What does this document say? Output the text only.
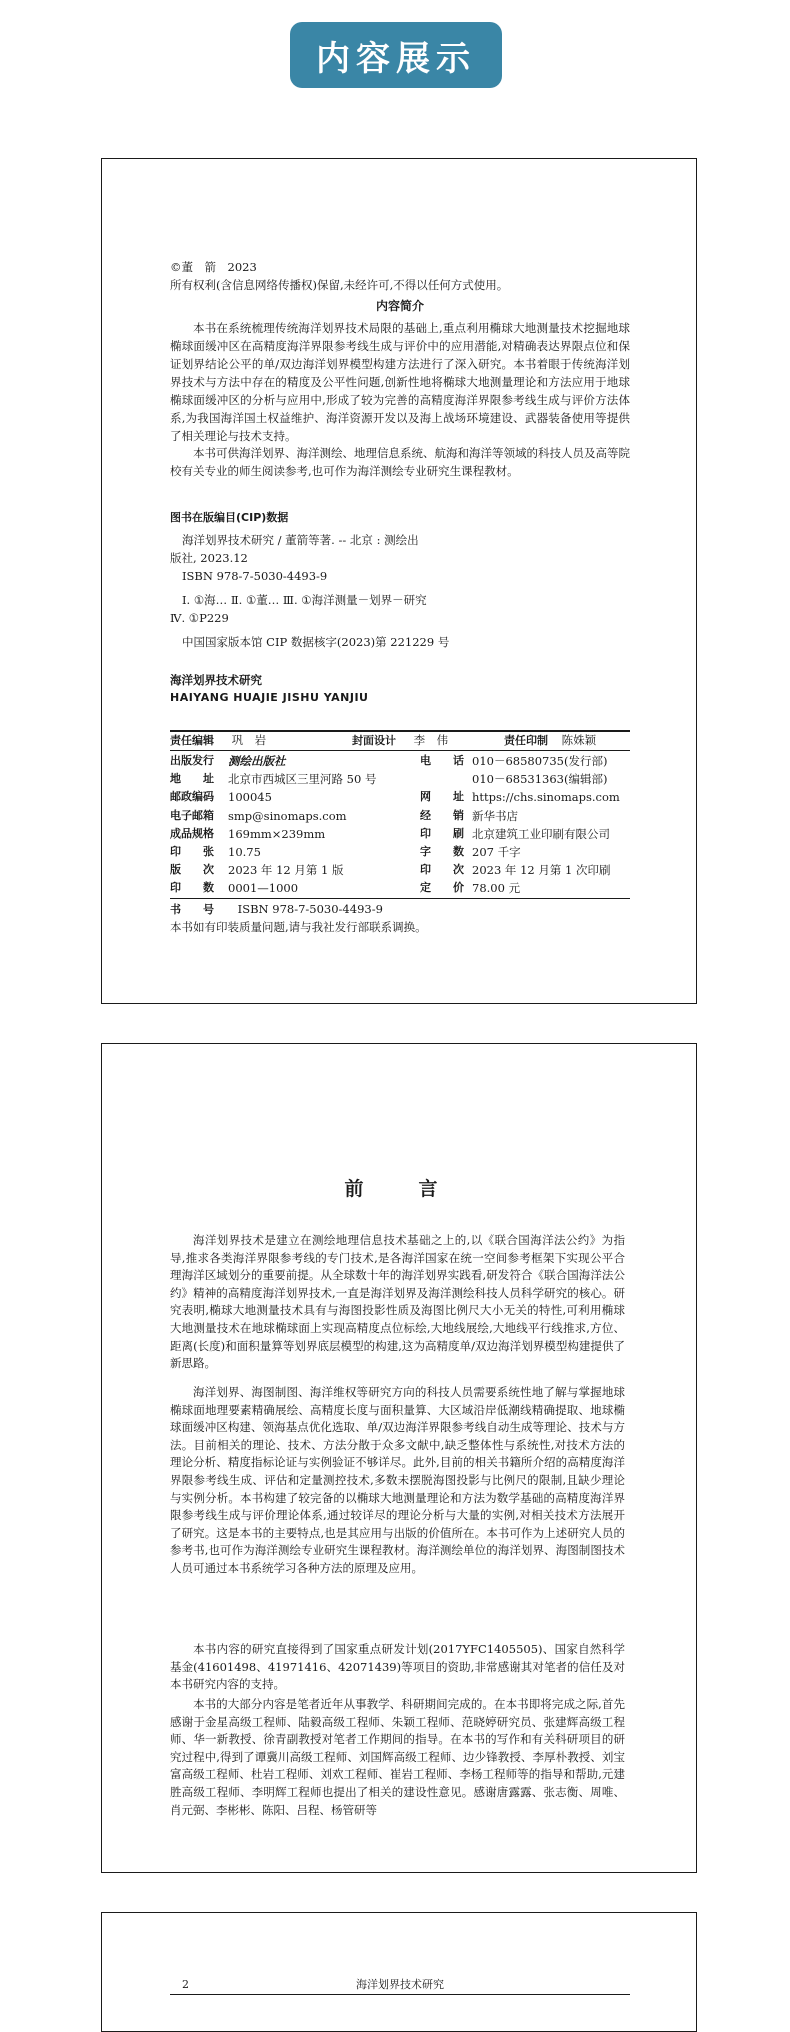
内容展示
©董　箭　2023
所有权利(含信息网络传播权)保留,未经许可,不得以任何方式使用。
内容简介
本书在系统梳理传统海洋划界技术局限的基础上,重点利用椭球大地测量技术挖掘地球椭球面缓冲区在高精度海洋界限参考线生成与评价中的应用潜能,对精确表达界限点位和保证划界结论公平的单/双边海洋划界模型构建方法进行了深入研究。本书着眼于传统海洋划界技术与方法中存在的精度及公平性问题,创新性地将椭球大地测量理论和方法应用于地球椭球面缓冲区的分析与应用中,形成了较为完善的高精度海洋界限参考线生成与评价方法体系,为我国海洋国土权益维护、海洋资源开发以及海上战场环境建设、武器装备使用等提供了相关理论与技术支持。
本书可供海洋划界、海洋测绘、地理信息系统、航海和海洋等领域的科技人员及高等院校有关专业的师生阅读参考,也可作为海洋测绘专业研究生课程教材。
图书在版编目(CIP)数据
海洋划界技术研究 / 董箭等著. -- 北京 : 测绘出
版社, 2023.12
ISBN 978-7-5030-4493-9
Ⅰ. ①海… Ⅱ. ①董… Ⅲ. ①海洋测量－划界－研究
Ⅳ. ①P229
中国国家版本馆 CIP 数据核字(2023)第 221229 号
海洋划界技术研究
HAIYANG HUAJIE JISHU YANJIU
责任编辑 巩　岩	封面设计 李　伟	责任印制 陈姝颖
出版发行 测绘出版社	电　　话 010－68580735(发行部)
地　　址 北京市西城区三里河路 50 号	010－68531363(编辑部)
邮政编码 100045	网　　址 https://chs.sinomaps.com
电子邮箱 smp@sinomaps.com	经　　销 新华书店
成品规格 169mm×239mm	印　　刷 北京建筑工业印刷有限公司
印　　张 10.75	字　　数 207 千字
版　　次 2023 年 12 月第 1 版	印　　次 2023 年 12 月第 1 次印刷
印　　数 0001—1000	定　　价 78.00 元
书　　号 ISBN 978-7-5030-4493-9
本书如有印装质量问题,请与我社发行部联系调换。
前　言
海洋划界技术是建立在测绘地理信息技术基础之上的,以《联合国海洋法公约》为指导,推求各类海洋界限参考线的专门技术,是各海洋国家在统一空间参考框架下实现公平合理海洋区域划分的重要前提。从全球数十年的海洋划界实践看,研发符合《联合国海洋法公约》精神的高精度海洋划界技术,一直是海洋划界及海洋测绘科技人员科学研究的核心。研究表明,椭球大地测量技术具有与海图投影性质及海图比例尺大小无关的特性,可利用椭球大地测量技术在地球椭球面上实现高精度点位标绘,大地线展绘,大地线平行线推求,方位、距离(长度)和面积量算等划界底层模型的构建,这为高精度单/双边海洋划界模型构建提供了新思路。
海洋划界、海图制图、海洋维权等研究方向的科技人员需要系统性地了解与掌握地球椭球面地理要素精确展绘、高精度长度与面积量算、大区域沿岸低潮线精确提取、地球椭球面缓冲区构建、领海基点优化选取、单/双边海洋界限参考线自动生成等理论、技术与方法。目前相关的理论、技术、方法分散于众多文献中,缺乏整体性与系统性,对技术方法的理论分析、精度指标论证与实例验证不够详尽。此外,目前的相关书籍所介绍的高精度海洋界限参考线生成、评估和定量测控技术,多数未摆脱海图投影与比例尺的限制,且缺少理论与实例分析。本书构建了较完备的以椭球大地测量理论和方法为数学基础的高精度海洋界限参考线生成与评价理论体系,通过较详尽的理论分析与大量的实例,对相关技术方法展开了研究。这是本书的主要特点,也是其应用与出版的价值所在。本书可作为上述研究人员的参考书,也可作为海洋测绘专业研究生课程教材。海洋测绘单位的海洋划界、海图制图技术人员可通过本书系统学习各种方法的原理及应用。
本书内容的研究直接得到了国家重点研发计划(2017YFC1405505)、国家自然科学基金(41601498、41971416、42071439)等项目的资助,非常感谢其对笔者的信任及对本书研究内容的支持。
本书的大部分内容是笔者近年从事教学、科研期间完成的。在本书即将完成之际,首先感谢于金星高级工程师、陆毅高级工程师、朱颖工程师、范晓婷研究员、张建辉高级工程师、华一新教授、徐青副教授对笔者工作期间的指导。在本书的写作和有关科研项目的研究过程中,得到了谭冀川高级工程师、刘国辉高级工程师、边少锋教授、李厚朴教授、刘宝富高级工程师、杜岩工程师、刘欢工程师、崔岩工程师、李杨工程师等的指导和帮助,元建胜高级工程师、李明辉工程师也提出了相关的建设性意见。感谢唐露露、张志衡、周唯、肖元弼、李彬彬、陈阳、吕程、杨管研等
2	海洋划界技术研究
